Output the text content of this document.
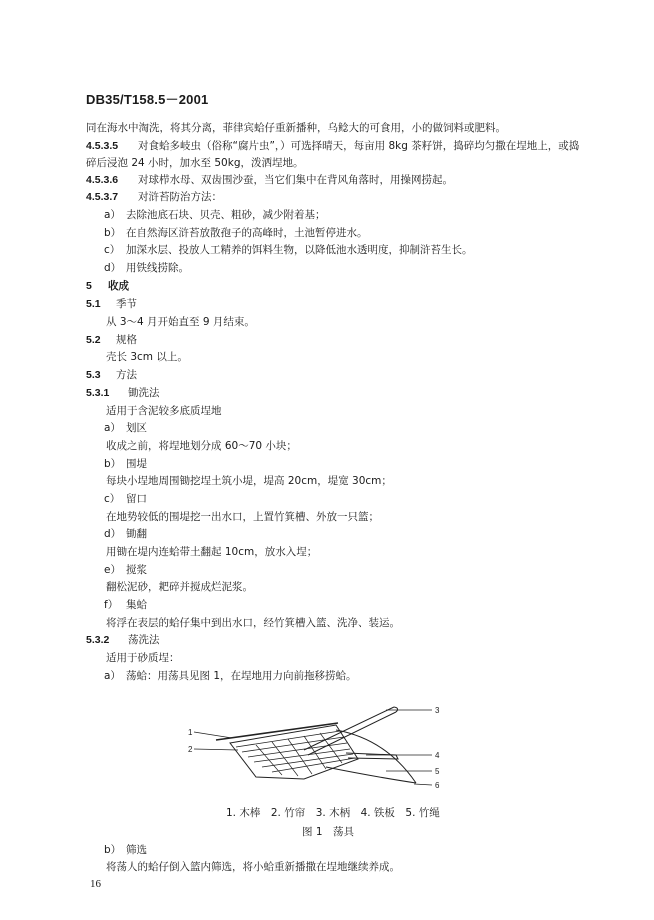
DB35/T158.5－2001
同在海水中淘洗，将其分离，菲律宾蛤仔重新播种，乌鲶大的可食用，小的做饲料或肥料。
4.5.3.5 对食蛤多岐虫（俗称“腐片虫”，）可选择晴天，每亩用 8kg 茶籽饼，捣碎均匀撒在埕地上，或捣
碎后浸泡 24 小时，加水至 50kg，泼洒埕地。
4.5.3.6 对球栉水母、双齿围沙蚕，当它们集中在背风角落时，用操网捞起。
4.5.3.7 对浒苔防治方法：
a） 去除池底石块、贝壳、粗砂，减少附着基；
b） 在自然海区浒苔放散孢子的高峰时，土池暂停进水。
c） 加深水层、投放人工精养的饵料生物，以降低池水透明度，抑制浒苔生长。
d） 用铁线捞除。
5 收成
5.1 季节
从 3～4 月开始直至 9 月结束。
5.2 规格
壳长 3cm 以上。
5.3 方法
5.3.1 锄洗法
适用于含泥较多底质埕地
a） 划区
收成之前，将埕地划分成 60～70 小块；
b） 围堤
每块小埕地周围锄挖埕土筑小堤，堤高 20cm，堤宽 30cm；
c） 留口
在地势较低的围堤挖一出水口，上置竹箕槽、外放一只篮；
d） 锄翻
用锄在堤内连蛤带土翻起 10cm，放水入埕；
e） 搅浆
翻松泥砂，耙碎并搅成烂泥浆。
f） 集蛤
将浮在表层的蛤仔集中到出水口，经竹箕槽入篮、洗净、装运。
5.3.2 荡洗法
适用于砂质埕：
a） 荡蛤：用荡具见图 1，在埕地用力向前拖移捞蛤。
1
2
3
4
5
6
1. 木棒　2. 竹帘　3. 木柄　4. 铁板　5. 竹绳
图 1　荡具
b） 筛选
将荡人的蛤仔倒入篮内筛选，将小蛤重新播撒在埕地继续养成。
16
